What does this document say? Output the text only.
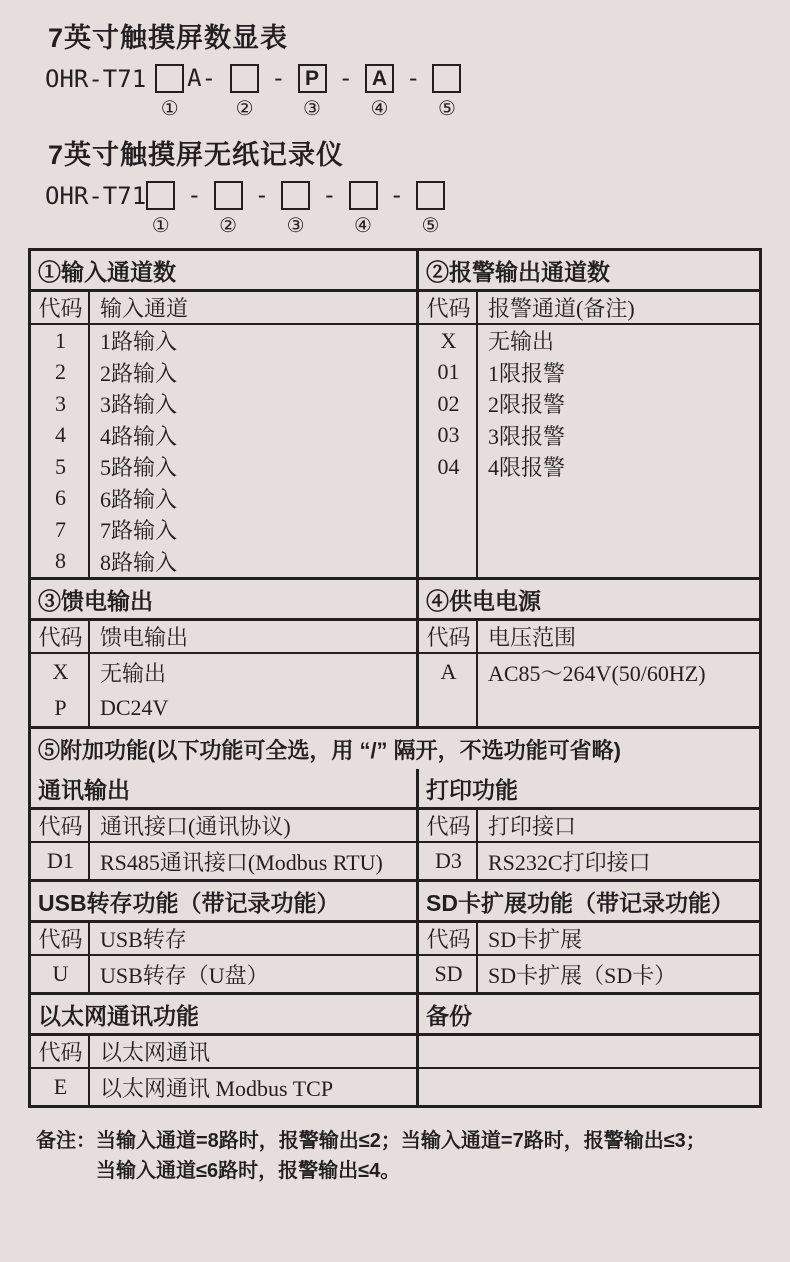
7英寸触摸屏数显表
OHR-T71
①
A-
②
- P
③
- A
④
-
⑤
7英寸触摸屏无纸记录仪
OHR-T71
①
-
②
-
③
-
④
-
⑤
①输入通道数
代码 输入通道
1	1路输入
2	2路输入
3	3路输入
4	4路输入
5	5路输入
6	6路输入
7	7路输入
8	8路输入
②报警输出通道数
代码 报警通道(备注)
X	无输出
01	1限报警
02	2限报警
03	3限报警
04	4限报警
③馈电输出
代码 馈电输出
X	无输出
P	DC24V
④供电电源
代码 电压范围
A	AC85～264V(50/60HZ)
⑤附加功能(以下功能可全选，用 “/” 隔开，不选功能可省略)
通讯输出
代码 通讯接口(通讯协议)
D1	RS485通讯接口(Modbus RTU)
打印功能
代码 打印接口
D3	RS232C打印接口
USB转存功能（带记录功能）
代码 USB转存
U	USB转存（U盘）
SD卡扩展功能（带记录功能）
代码 SD卡扩展
SD	SD卡扩展（SD卡）
以太网通讯功能
代码 以太网通讯
E	以太网通讯 Modbus TCP
备份
备注： 当输入通道=8路时，报警输出≤2；当输入通道=7路时，报警输出≤3；
当输入通道≤6路时，报警输出≤4。
